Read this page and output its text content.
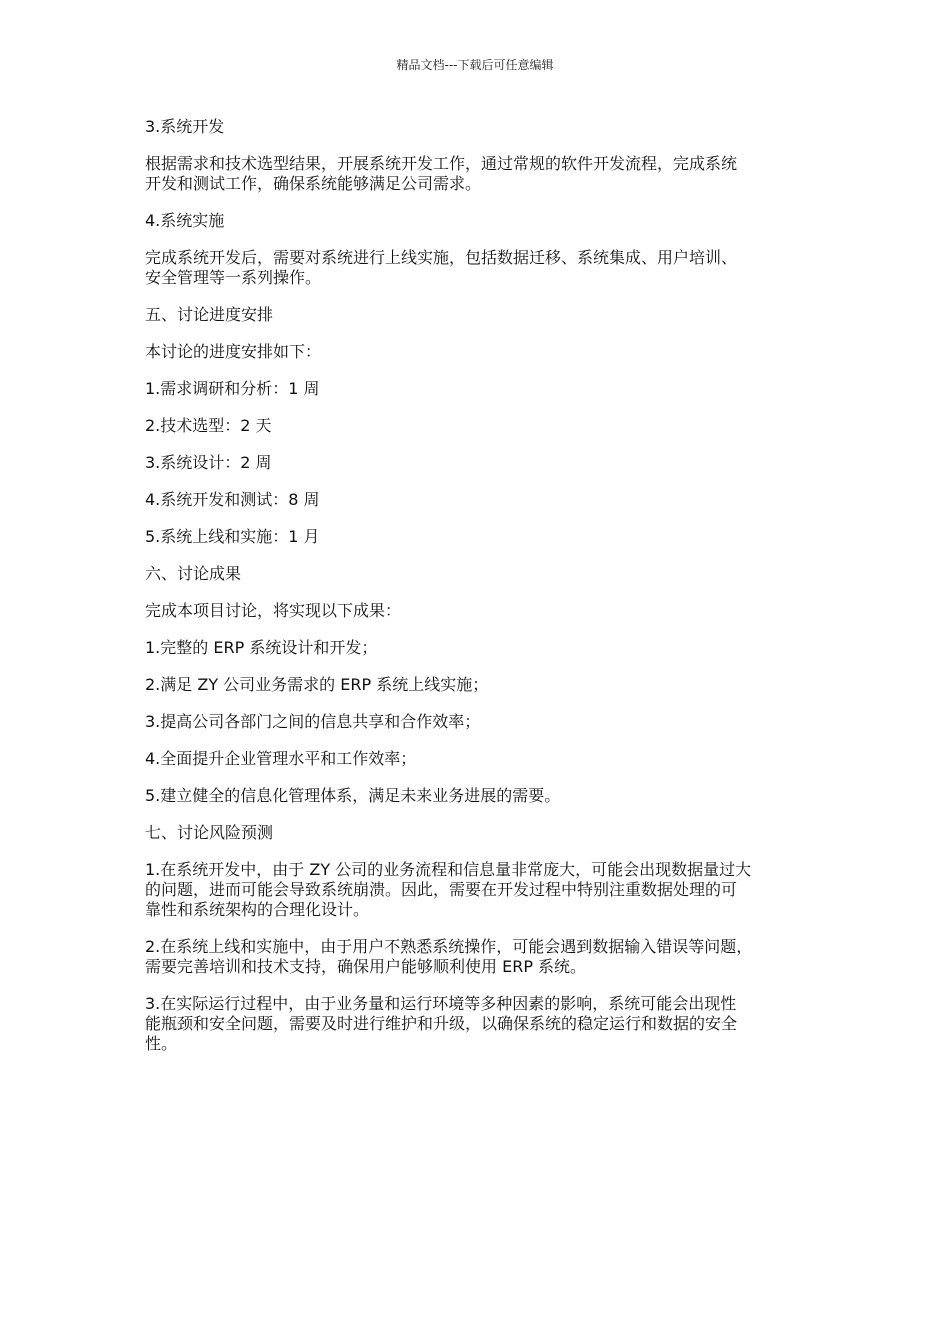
精品文档---下载后可任意编辑

3.系统开发

根据需求和技术选型结果，开展系统开发工作，通过常规的软件开发流程，完成系统
开发和测试工作，确保系统能够满足公司需求。

4.系统实施

完成系统开发后，需要对系统进行上线实施，包括数据迁移、系统集成、用户培训、
安全管理等一系列操作。

五、讨论进度安排

本讨论的进度安排如下：

1.需求调研和分析：1 周

2.技术选型：2 天

3.系统设计：2 周

4.系统开发和测试：8 周

5.系统上线和实施：1 月

六、讨论成果

完成本项目讨论，将实现以下成果：

1.完整的 ERP 系统设计和开发；

2.满足 ZY 公司业务需求的 ERP 系统上线实施；

3.提高公司各部门之间的信息共享和合作效率；

4.全面提升企业管理水平和工作效率；

5.建立健全的信息化管理体系，满足未来业务进展的需要。

七、讨论风险预测

1.在系统开发中，由于 ZY 公司的业务流程和信息量非常庞大，可能会出现数据量过大
的问题，进而可能会导致系统崩溃。因此，需要在开发过程中特别注重数据处理的可
靠性和系统架构的合理化设计。

2.在系统上线和实施中，由于用户不熟悉系统操作，可能会遇到数据输入错误等问题，
需要完善培训和技术支持，确保用户能够顺利使用 ERP 系统。

3.在实际运行过程中，由于业务量和运行环境等多种因素的影响，系统可能会出现性
能瓶颈和安全问题，需要及时进行维护和升级，以确保系统的稳定运行和数据的安全
性。
